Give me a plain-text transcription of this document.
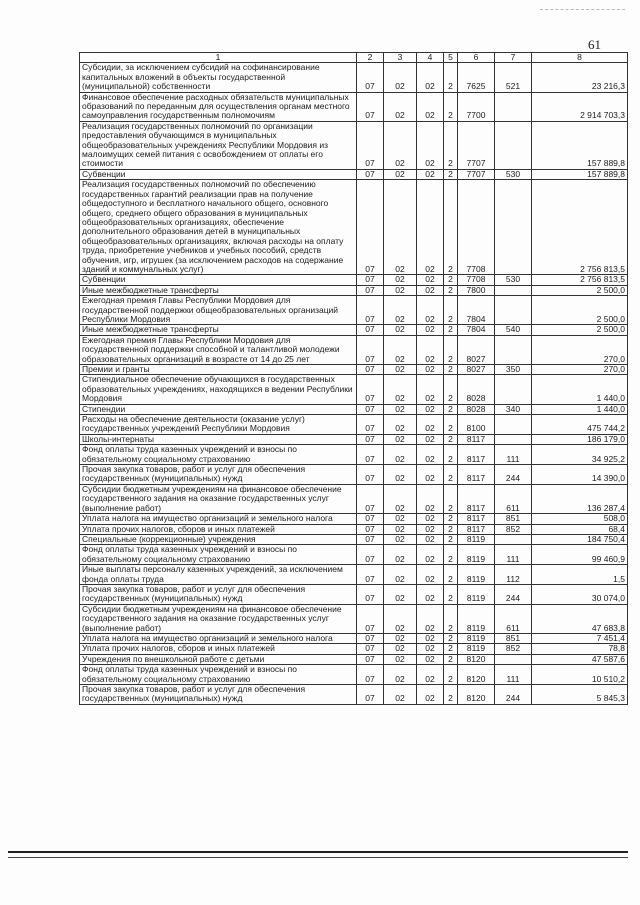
61
1	2	3	4	5	6	7	8
Субсидии, за исключением субсидий на софинансирование капитальных вложений в объекты государственной (муниципальной) собственности	07	02	02	2	7625	521	23 216,3
Финансовое обеспечение расходных обязательств муниципальных образований по переданным для осуществления органам местного самоуправления государственным полномочиям	07	02	02	2	7700		2 914 703,3
Реализация государственных полномочий по организации предоставления обучающимся в муниципальных общеобразовательных учреждениях Республики Мордовия из малоимущих семей питания с освобождением от оплаты его стоимости	07	02	02	2	7707		157 889,8
Субвенции	07	02	02	2	7707	530	157 889,8
Реализация государственных полномочий по обеспечению государственных гарантий реализации прав на получение общедоступного и бесплатного начального общего, основного общего, среднего общего образования в муниципальных общеобразовательных организациях, обеспечение дополнительного образования детей в муниципальных общеобразовательных организациях, включая расходы на оплату труда, приобретение учебников и учебных пособий, средств обучения, игр, игрушек (за исключением расходов на содержание зданий и коммунальных услуг)	07	02	02	2	7708		2 756 813,5
Субвенции	07	02	02	2	7708	530	2 756 813,5
Иные межбюджетные трансферты	07	02	02	2	7800		2 500,0
Ежегодная премия Главы Республики Мордовия для государственной поддержки общеобразовательных организаций Республики Мордовия	07	02	02	2	7804		2 500,0
Иные межбюджетные трансферты	07	02	02	2	7804	540	2 500,0
Ежегодная премия Главы Республики Мордовия для государственной поддержки способной и талантливой молодежи образовательных организаций в возрасте от 14 до 25 лет	07	02	02	2	8027		270,0
Премии и гранты	07	02	02	2	8027	350	270,0
Стипендиальное обеспечение обучающихся в государственных образовательных учреждениях, находящихся в ведении Республики Мордовия	07	02	02	2	8028		1 440,0
Стипендии	07	02	02	2	8028	340	1 440,0
Расходы на обеспечение деятельности (оказание услуг) государственных учреждений Республики Мордовия	07	02	02	2	8100		475 744,2
Школы-интернаты	07	02	02	2	8117		186 179,0
Фонд оплаты труда казенных учреждений и взносы по обязательному социальному страхованию	07	02	02	2	8117	111	34 925,2
Прочая закупка товаров, работ и услуг для обеспечения государственных (муниципальных) нужд	07	02	02	2	8117	244	14 390,0
Субсидии бюджетным учреждениям на финансовое обеспечение государственного задания на оказание государственных услуг (выполнение работ)	07	02	02	2	8117	611	136 287,4
Уплата налога на имущество организаций и земельного налога	07	02	02	2	8117	851	508,0
Уплата прочих налогов, сборов и иных платежей	07	02	02	2	8117	852	68,4
Специальные (коррекционные) учреждения	07	02	02	2	8119		184 750,4
Фонд оплаты труда казенных учреждений и взносы по обязательному социальному страхованию	07	02	02	2	8119	111	99 460,9
Иные выплаты персоналу казенных учреждений, за исключением фонда оплаты труда	07	02	02	2	8119	112	1,5
Прочая закупка товаров, работ и услуг для обеспечения государственных (муниципальных) нужд	07	02	02	2	8119	244	30 074,0
Субсидии бюджетным учреждениям на финансовое обеспечение государственного задания на оказание государственных услуг (выполнение работ)	07	02	02	2	8119	611	47 683,8
Уплата налога на имущество организаций и земельного налога	07	02	02	2	8119	851	7 451,4
Уплата прочих налогов, сборов и иных платежей	07	02	02	2	8119	852	78,8
Учреждения по внешкольной работе с детьми	07	02	02	2	8120		47 587,6
Фонд оплаты труда казенных учреждений и взносы по обязательному социальному страхованию	07	02	02	2	8120	111	10 510,2
Прочая закупка товаров, работ и услуг для обеспечения государственных (муниципальных) нужд	07	02	02	2	8120	244	5 845,3
